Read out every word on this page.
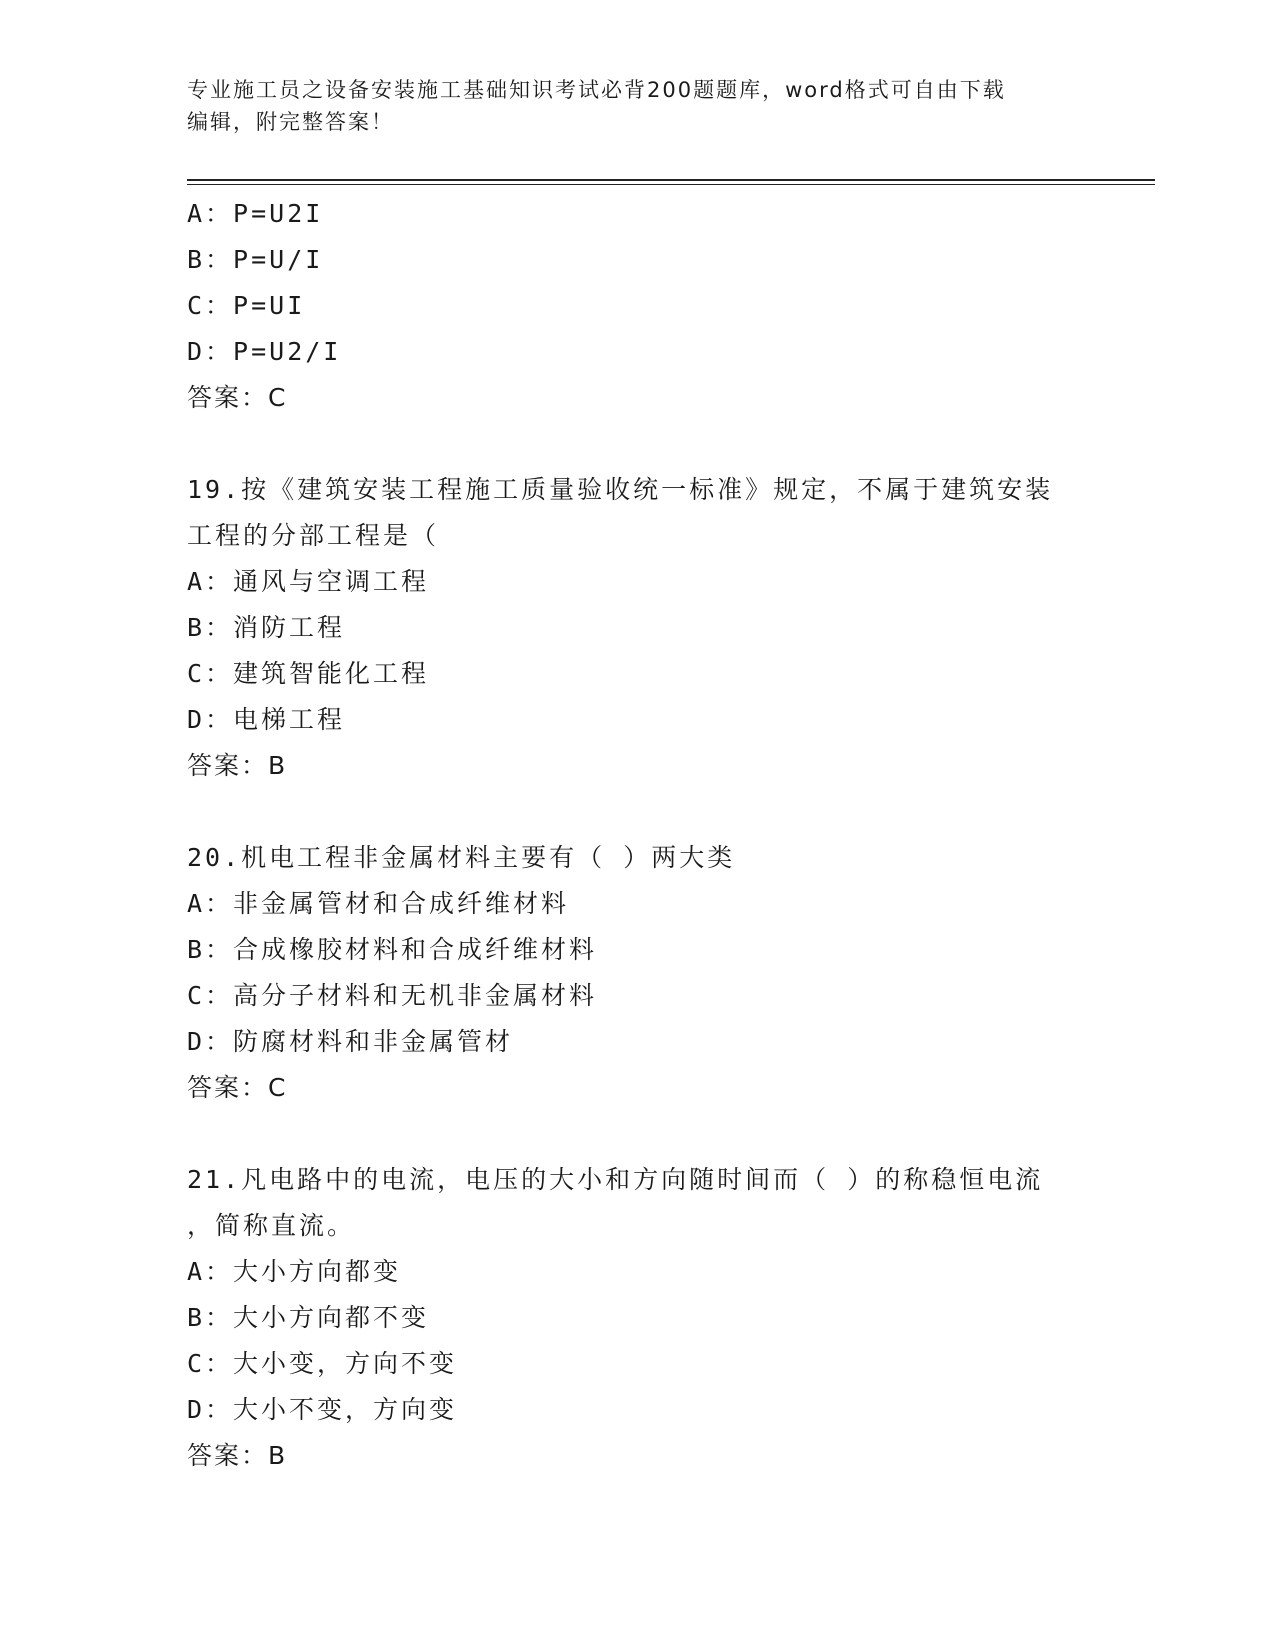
专业施工员之设备安装施工基础知识考试必背200题题库，word格式可自由下载
编辑，附完整答案！
A：P=U2I
B：P=U/I
C：P=UI
D：P=U2/I
答案：C
19.按《建筑安装工程施工质量验收统一标准》规定，不属于建筑安装
工程的分部工程是（
A：通风与空调工程
B：消防工程
C：建筑智能化工程
D：电梯工程
答案：B
20.机电工程非金属材料主要有（ ）两大类
A：非金属管材和合成纤维材料
B：合成橡胶材料和合成纤维材料
C：高分子材料和无机非金属材料
D：防腐材料和非金属管材
答案：C
21.凡电路中的电流，电压的大小和方向随时间而（ ）的称稳恒电流
，简称直流。
A：大小方向都变
B：大小方向都不变
C：大小变，方向不变
D：大小不变，方向变
答案：B
